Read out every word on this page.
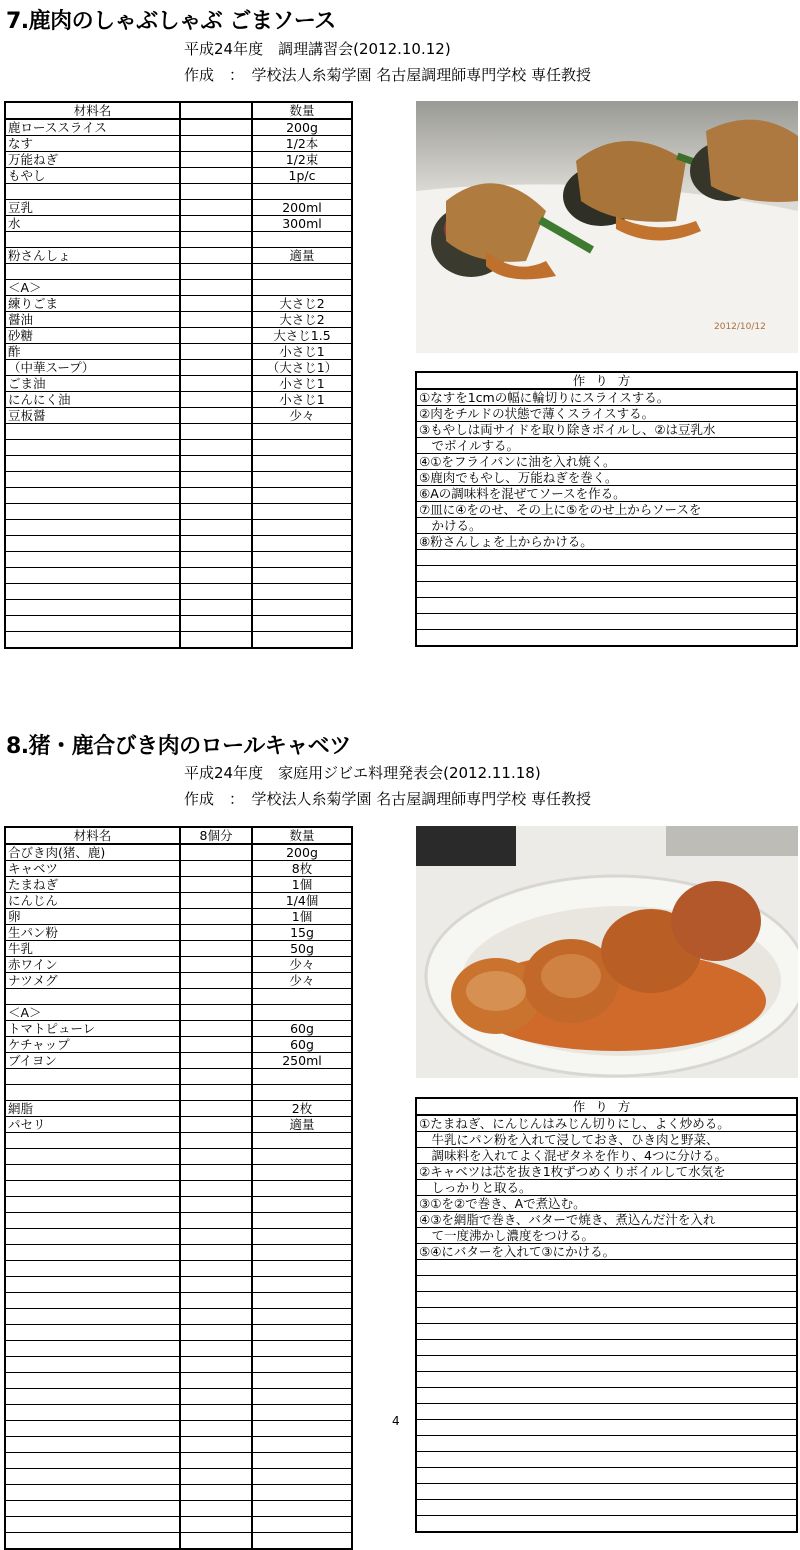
7.鹿肉のしゃぶしゃぶ ごまソース
平成24年度　調理講習会(2012.10.12)
作成　：　学校法人糸菊学園 名古屋調理師専門学校 専任教授
材料名		数量
鹿ローススライス		200g
なす		1/2本
万能ねぎ		1/2束
もやし		1p/c

豆乳		200ml
水		300ml

粉さんしょ		適量

＜A＞		
練りごま		大さじ2
醤油		大さじ2
砂糖		大さじ1.5
酢		小さじ1
（中華スープ）		（大さじ1）
ごま油		小さじ1
にんにく油		小さじ1
豆板醤		少々

2012/10/12
作り方
①なすを1cmの幅に輪切りにスライスする。
②肉をチルドの状態で薄くスライスする。
③もやしは両サイドを取り除きボイルし、②は豆乳水
　でボイルする。
④①をフライパンに油を入れ焼く。
⑤鹿肉でもやし、万能ねぎを巻く。
⑥Aの調味料を混ぜてソースを作る。
⑦皿に④をのせ、その上に⑤をのせ上からソースを
　かける。
⑧粉さんしょを上からかける。

8.猪・鹿合びき肉のロールキャベツ
平成24年度　家庭用ジビエ料理発表会(2012.11.18)
作成　：　学校法人糸菊学園 名古屋調理師専門学校 専任教授
材料名	8個分	数量
合びき肉(猪、鹿)		200g
キャベツ		8枚
たまねぎ		1個
にんじん		1/4個
卵		1個
生パン粉		15g
牛乳		50g
赤ワイン		少々
ナツメグ		少々

＜A＞		
トマトピューレ		60g
ケチャップ		60g
ブイヨン		250ml

網脂		2枚
パセリ		適量

作り方
①たまねぎ、にんじんはみじん切りにし、よく炒める。
　牛乳にパン粉を入れて浸しておき、ひき肉と野菜、
　調味料を入れてよく混ぜタネを作り、4つに分ける。
②キャベツは芯を抜き1枚ずつめくりボイルして水気を
　しっかりと取る。
③①を②で巻き、Aで煮込む。
④③を網脂で巻き、バターで焼き、煮込んだ汁を入れ
　て一度沸かし濃度をつける。
⑤④にバターを入れて③にかける。

4
